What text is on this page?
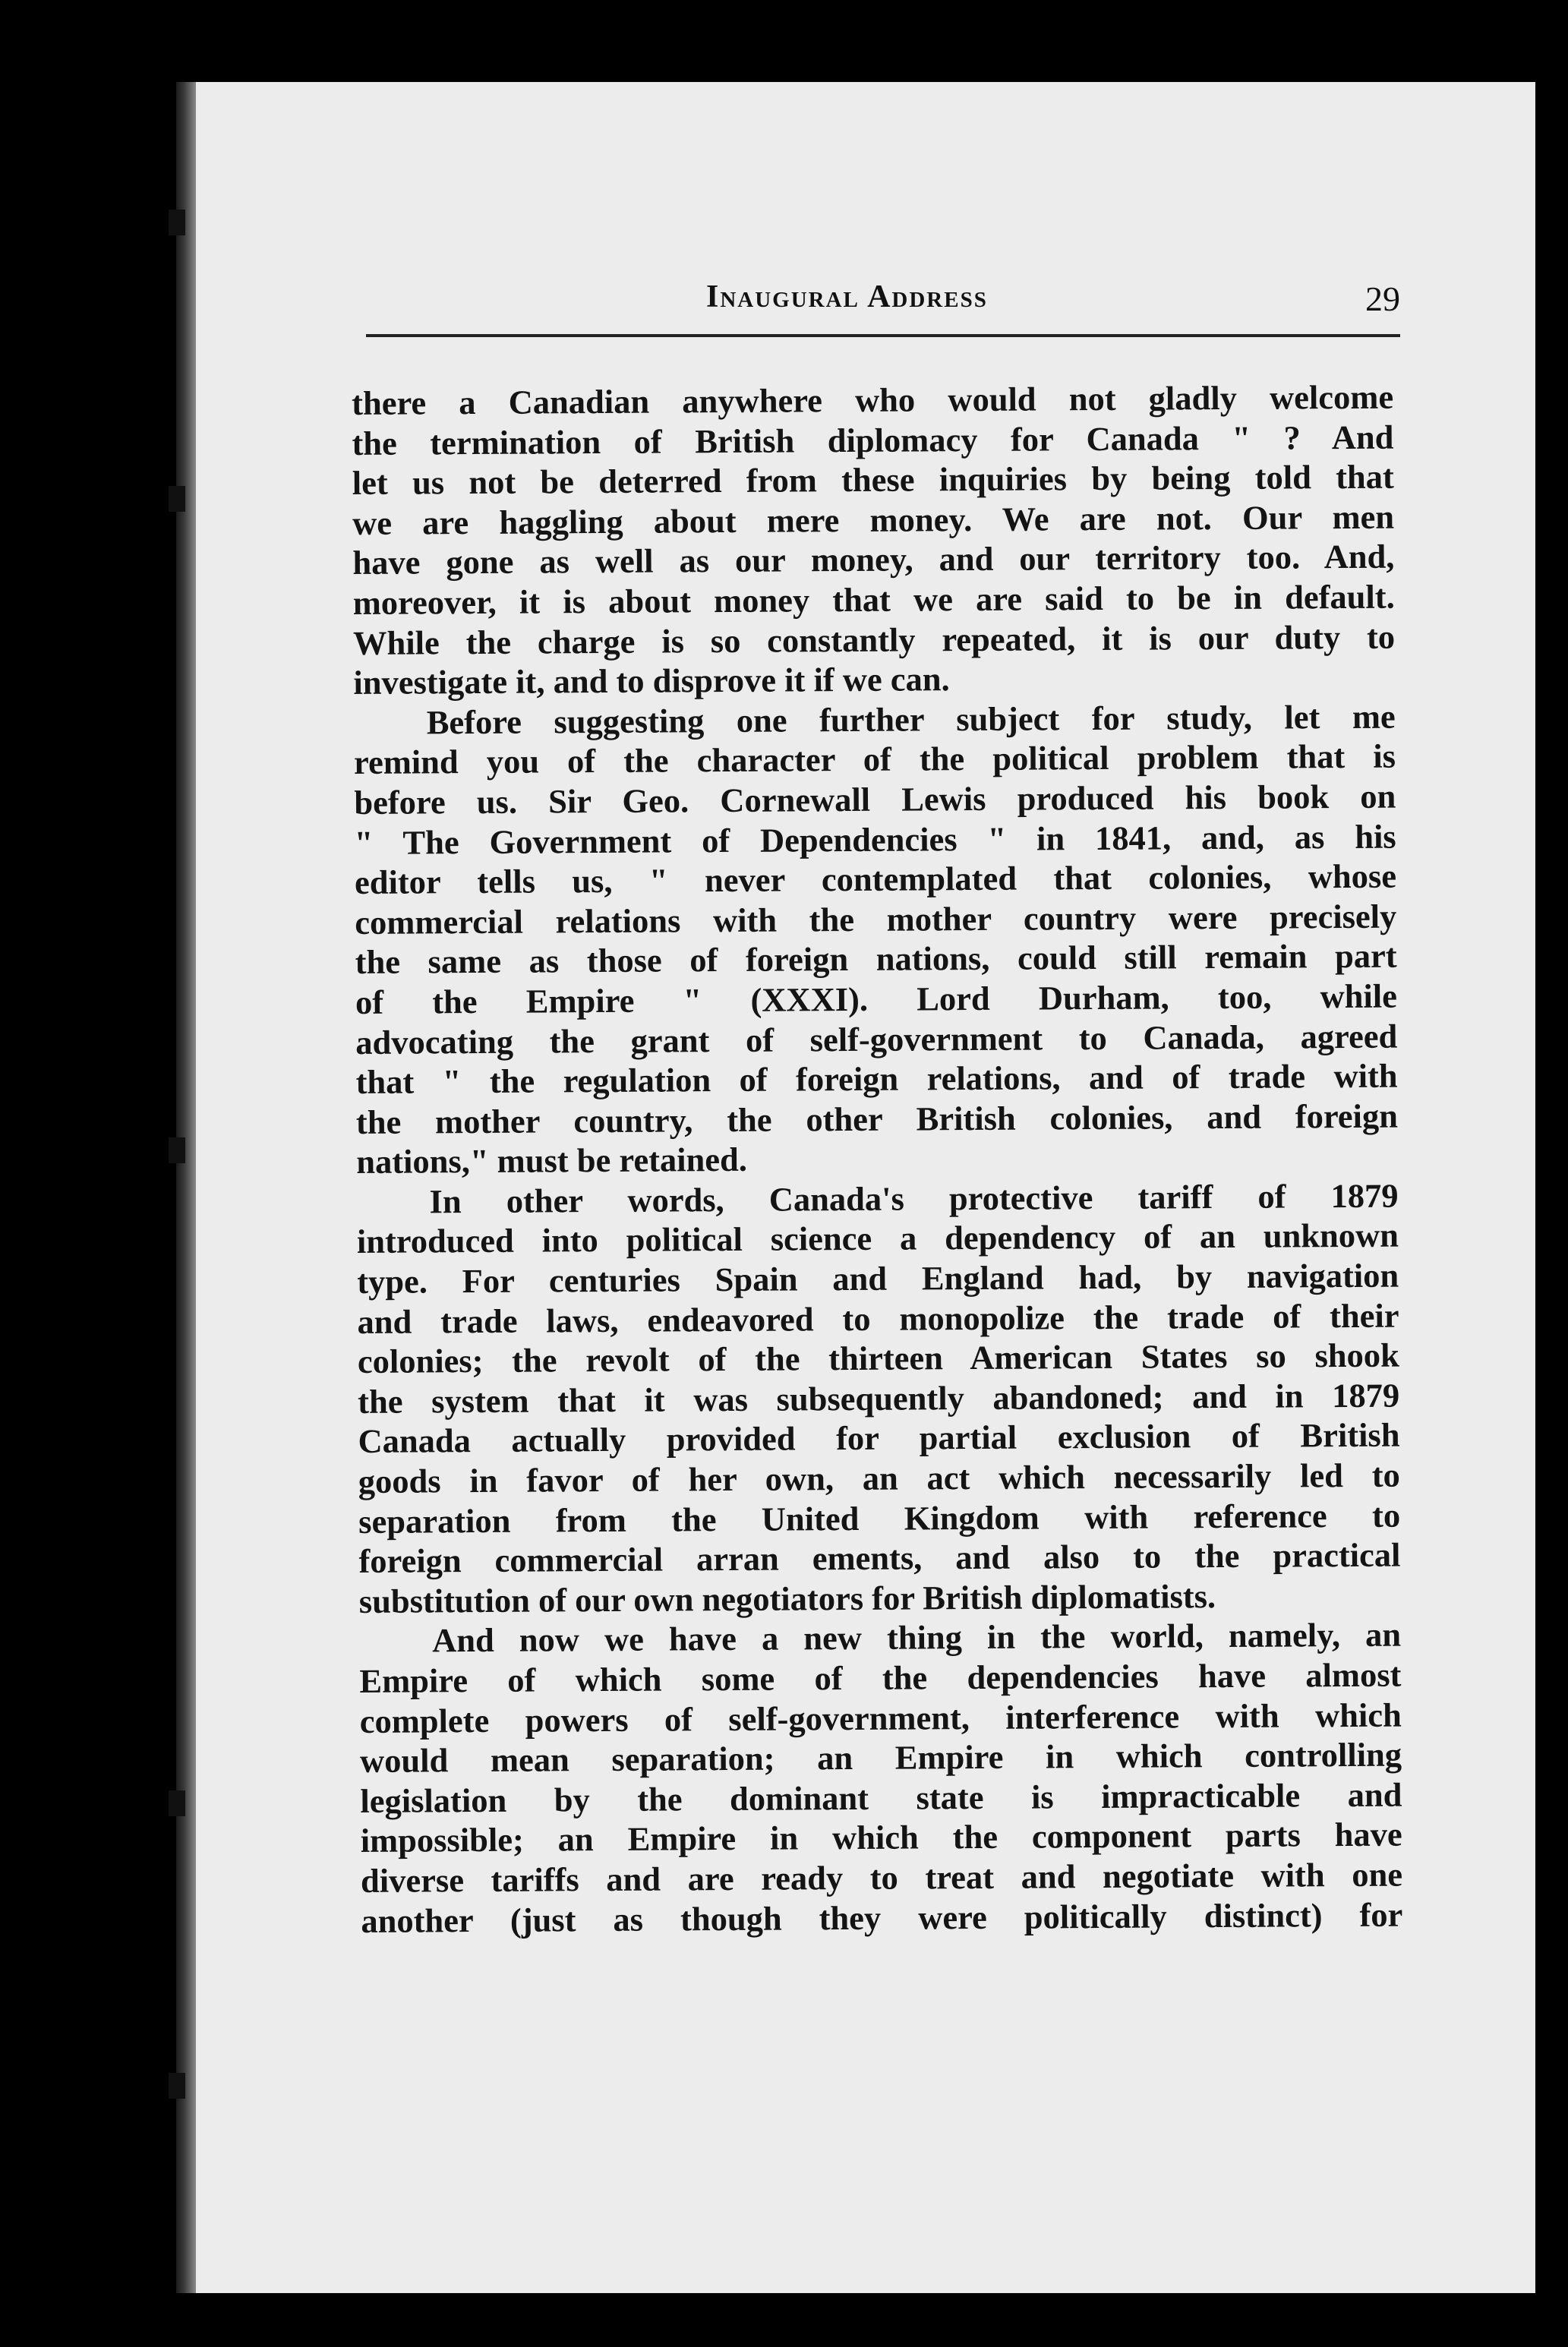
Inaugural Address	29
there a Canadian anywhere who would not gladly welcome
the termination of British diplomacy for Canada " ? And
let us not be deterred from these inquiries by being told that
we are haggling about mere money. We are not. Our men
have gone as well as our money, and our territory too. And,
moreover, it is about money that we are said to be in default.
While the charge is so constantly repeated, it is our duty to
investigate it, and to disprove it if we can.
Before suggesting one further subject for study, let me
remind you of the character of the political problem that is
before us. Sir Geo. Cornewall Lewis produced his book on
" The Government of Dependencies " in 1841, and, as his
editor tells us, " never contemplated that colonies, whose
commercial relations with the mother country were precisely
the same as those of foreign nations, could still remain part
of the Empire " (XXXI). Lord Durham, too, while
advocating the grant of self-government to Canada, agreed
that " the regulation of foreign relations, and of trade with
the mother country, the other British colonies, and foreign
nations," must be retained.
In other words, Canada's protective tariff of 1879
introduced into political science a dependency of an unknown
type. For centuries Spain and England had, by navigation
and trade laws, endeavored to monopolize the trade of their
colonies; the revolt of the thirteen American States so shook
the system that it was subsequently abandoned; and in 1879
Canada actually provided for partial exclusion of British
goods in favor of her own, an act which necessarily led to
separation from the United Kingdom with reference to
foreign commercial arran ements, and also to the practical
substitution of our own negotiators for British diplomatists.
And now we have a new thing in the world, namely, an
Empire of which some of the dependencies have almost
complete powers of self-government, interference with which
would mean separation; an Empire in which controlling
legislation by the dominant state is impracticable and
impossible; an Empire in which the component parts have
diverse tariffs and are ready to treat and negotiate with one
another (just as though they were politically distinct) for
